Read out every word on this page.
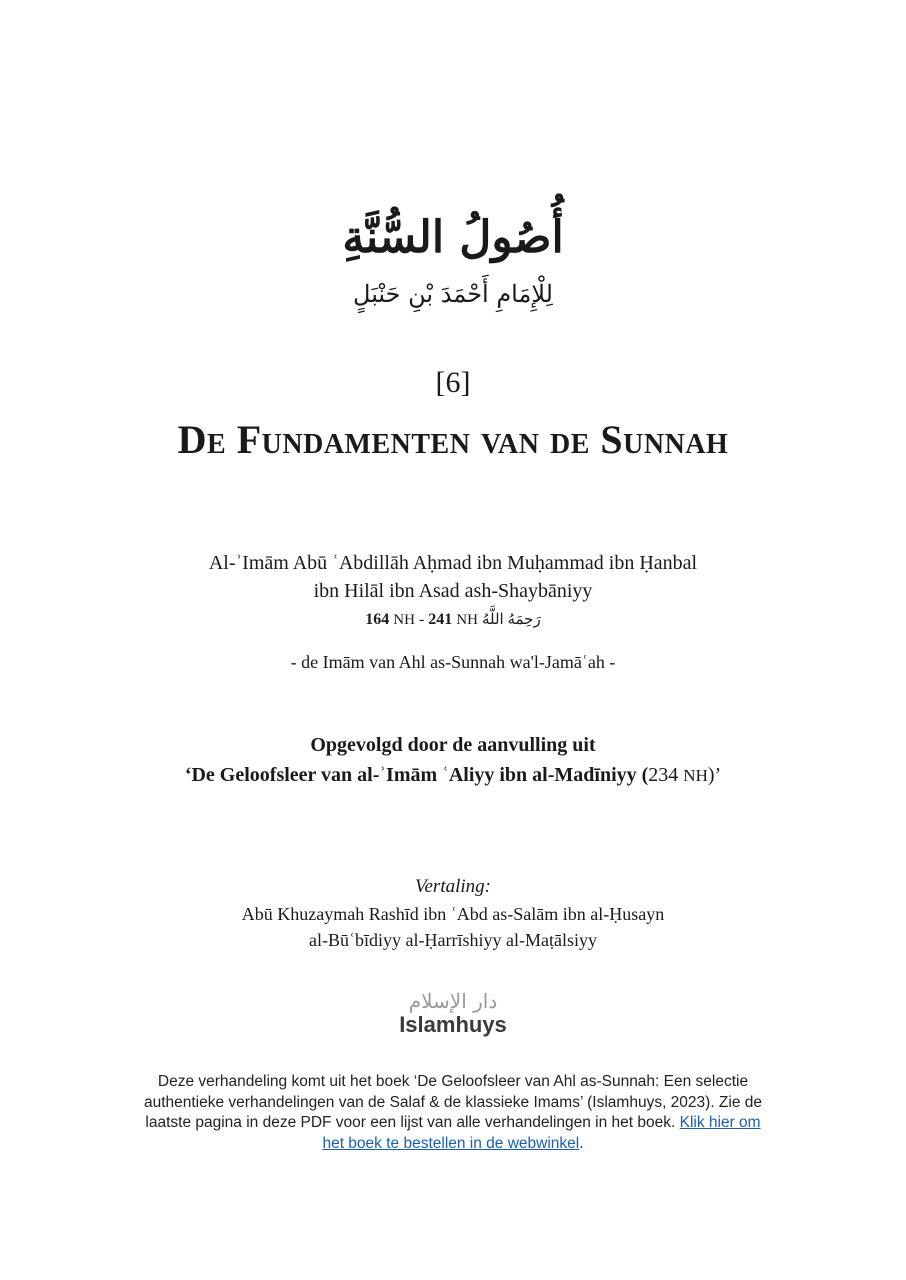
أُصُولُ السُّنَّةِ
لِلْإِمَامِ أَحْمَدَ بْنِ حَنْبَلٍ
[6]
De Fundamenten van de Sunnah
Al-ʾImām Abū ʿAbdillāh Aḥmad ibn Muḥammad ibn Ḥanbal
ibn Hilāl ibn Asad ash-Shaybāniyy
164 NH - 241 NH رَحِمَهُ اللَّهُ
- de Imām van Ahl as-Sunnah wa'l-Jamāʿah -
Opgevolgd door de aanvulling uit
‘De Geloofsleer van al-ʾImām ʿAliyy ibn al-Madīniyy (234 NH)’
Vertaling:
Abū Khuzaymah Rashīd ibn ʿAbd as-Salām ibn al-Ḥusayn
al-Būʿbīdiyy al-Ḥarrīshiyy al-Maṭālsiyy
دار الإسلام
Islamhuys
Deze verhandeling komt uit het boek ‘De Geloofsleer van Ahl as-Sunnah: Een selectie authentieke verhandelingen van de Salaf & de klassieke Imams’ (Islamhuys, 2023). Zie de laatste pagina in deze PDF voor een lijst van alle verhandelingen in het boek. Klik hier om het boek te bestellen in de webwinkel.
